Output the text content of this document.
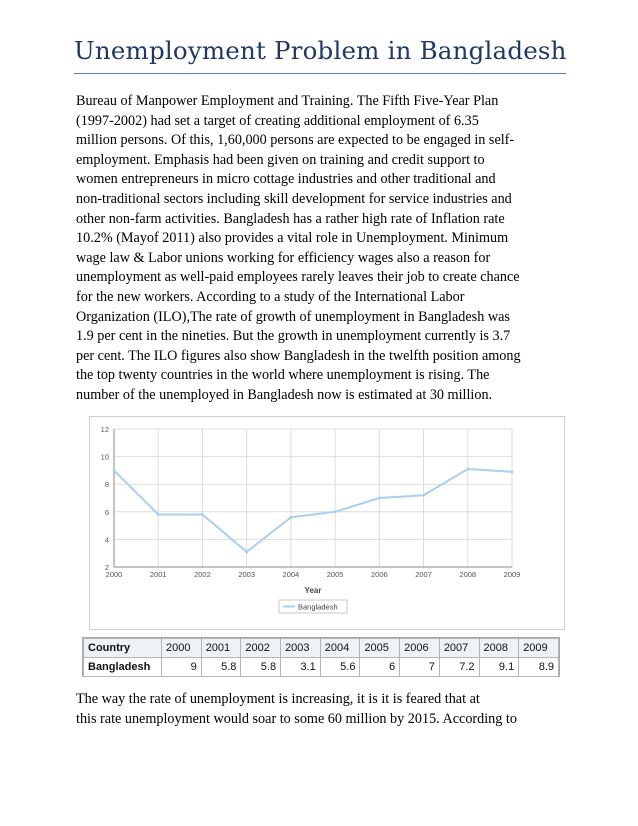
Unemployment Problem in Bangladesh
Bureau of Manpower Employment and Training. The Fifth Five-Year Plan
(1997-2002) had set a target of creating additional employment of 6.35
million persons. Of this, 1,60,000 persons are expected to be engaged in self-
employment. Emphasis had been given on training and credit support to
women entrepreneurs in micro cottage industries and other traditional and
non-traditional sectors including skill development for service industries and
other non-farm activities. Bangladesh has a rather high rate of Inflation rate
10.2% (Mayof 2011) also provides a vital role in Unemployment. Minimum
wage law & Labor unions working for efficiency wages also a reason for
unemployment as well-paid employees rarely leaves their job to create chance
for the new workers. According to a study of the International Labor
Organization (ILO),The rate of growth of unemployment in Bangladesh was
1.9 per cent in the nineties. But the growth in unemployment currently is 3.7
per cent. The ILO figures also show Bangladesh in the twelfth position among
the top twenty countries in the world where unemployment is rising. The
number of the unemployed in Bangladesh now is estimated at 30 million.
2
4
6
8
10
12
2000	2001	2002	2003	2004	2005	2006	2007	2008	2009
Year
Bangladesh
Country	2000	2001	2002	2003	2004	2005	2006	2007	2008	2009
Bangladesh	9	5.8	5.8	3.1	5.6	6	7	7.2	9.1	8.9
The way the rate of unemployment is increasing, it is it is feared that at
this rate unemployment would soar to some 60 million by 2015. According to
